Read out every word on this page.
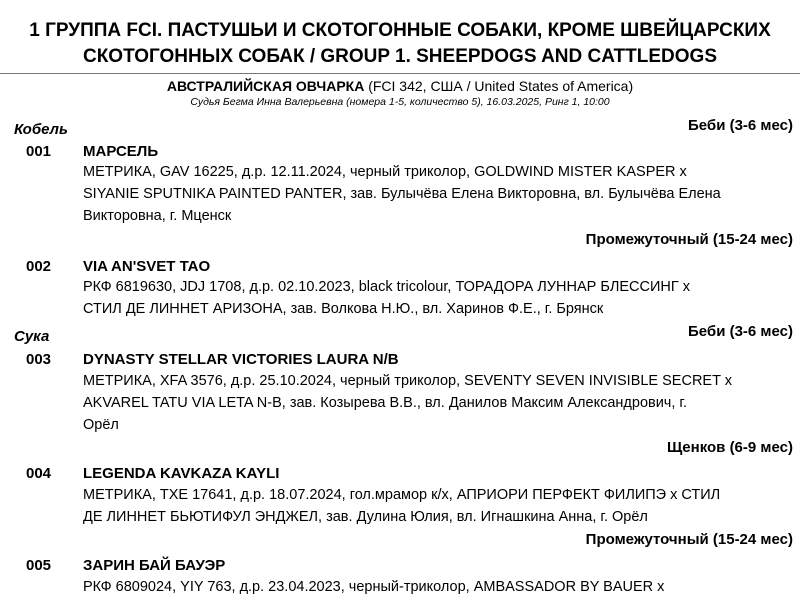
1 ГРУППА FCI. ПАСТУШЬИ И СКОТОГОННЫЕ СОБАКИ, КРОМЕ ШВЕЙЦАРСКИХ
СКОТОГОННЫХ СОБАК / GROUP 1. SHEEPDOGS AND CATTLEDOGS
АВСТРАЛИЙСКАЯ ОВЧАРКА (FCI 342, США / United States of America)
Судья Бегма Инна Валерьевна (номера 1-5, количество 5), 16.03.2025, Ринг 1, 10:00
Кобель	Беби (3-6 мес)
001 МАРСЕЛЬ
МЕТРИКА, GAV 16225, д.р. 12.11.2024, черный триколор, GOLDWIND MISTER KASPER x
SIYANIE SPUTNIKA PAINTED PANTER, зав. Булычёва Елена Викторовна, вл. Булычёва Елена
Викторовна, г. Мценск
Промежуточный (15-24 мес)
002 VIA AN'SVET TAO
РКФ 6819630, JDJ 1708, д.р. 02.10.2023, black tricolour, ТОРАДОРА ЛУННАР БЛЕССИНГ x
СТИЛ ДЕ ЛИННЕТ АРИЗОНА, зав. Волкова Н.Ю., вл. Харинов Ф.Е., г. Брянск
Сука	Беби (3-6 мес)
003 DYNASTY STELLAR VICTORIES LAURA N/B
МЕТРИКА, XFA 3576, д.р. 25.10.2024, черный триколор, SEVENTY SEVEN INVISIBLE SECRET x
AKVAREL TATU VIA LETA N-B, зав. Козырева В.В., вл. Данилов Максим Александрович, г.
Орёл
Щенков (6-9 мес)
004 LEGENDA KAVKAZA KAYLI
МЕТРИКА, TXE 17641, д.р. 18.07.2024, гол.мрамор к/х, АПРИОРИ ПЕРФЕКТ ФИЛИПЭ x СТИЛ
ДЕ ЛИННЕТ БЬЮТИФУЛ ЭНДЖЕЛ, зав. Дулина Юлия, вл. Игнашкина Анна, г. Орёл
Промежуточный (15-24 мес)
005 ЗАРИН БАЙ БАУЭР
РКФ 6809024, YIY 763, д.р. 23.04.2023, черный-триколор, AMBASSADOR BY BAUER x
